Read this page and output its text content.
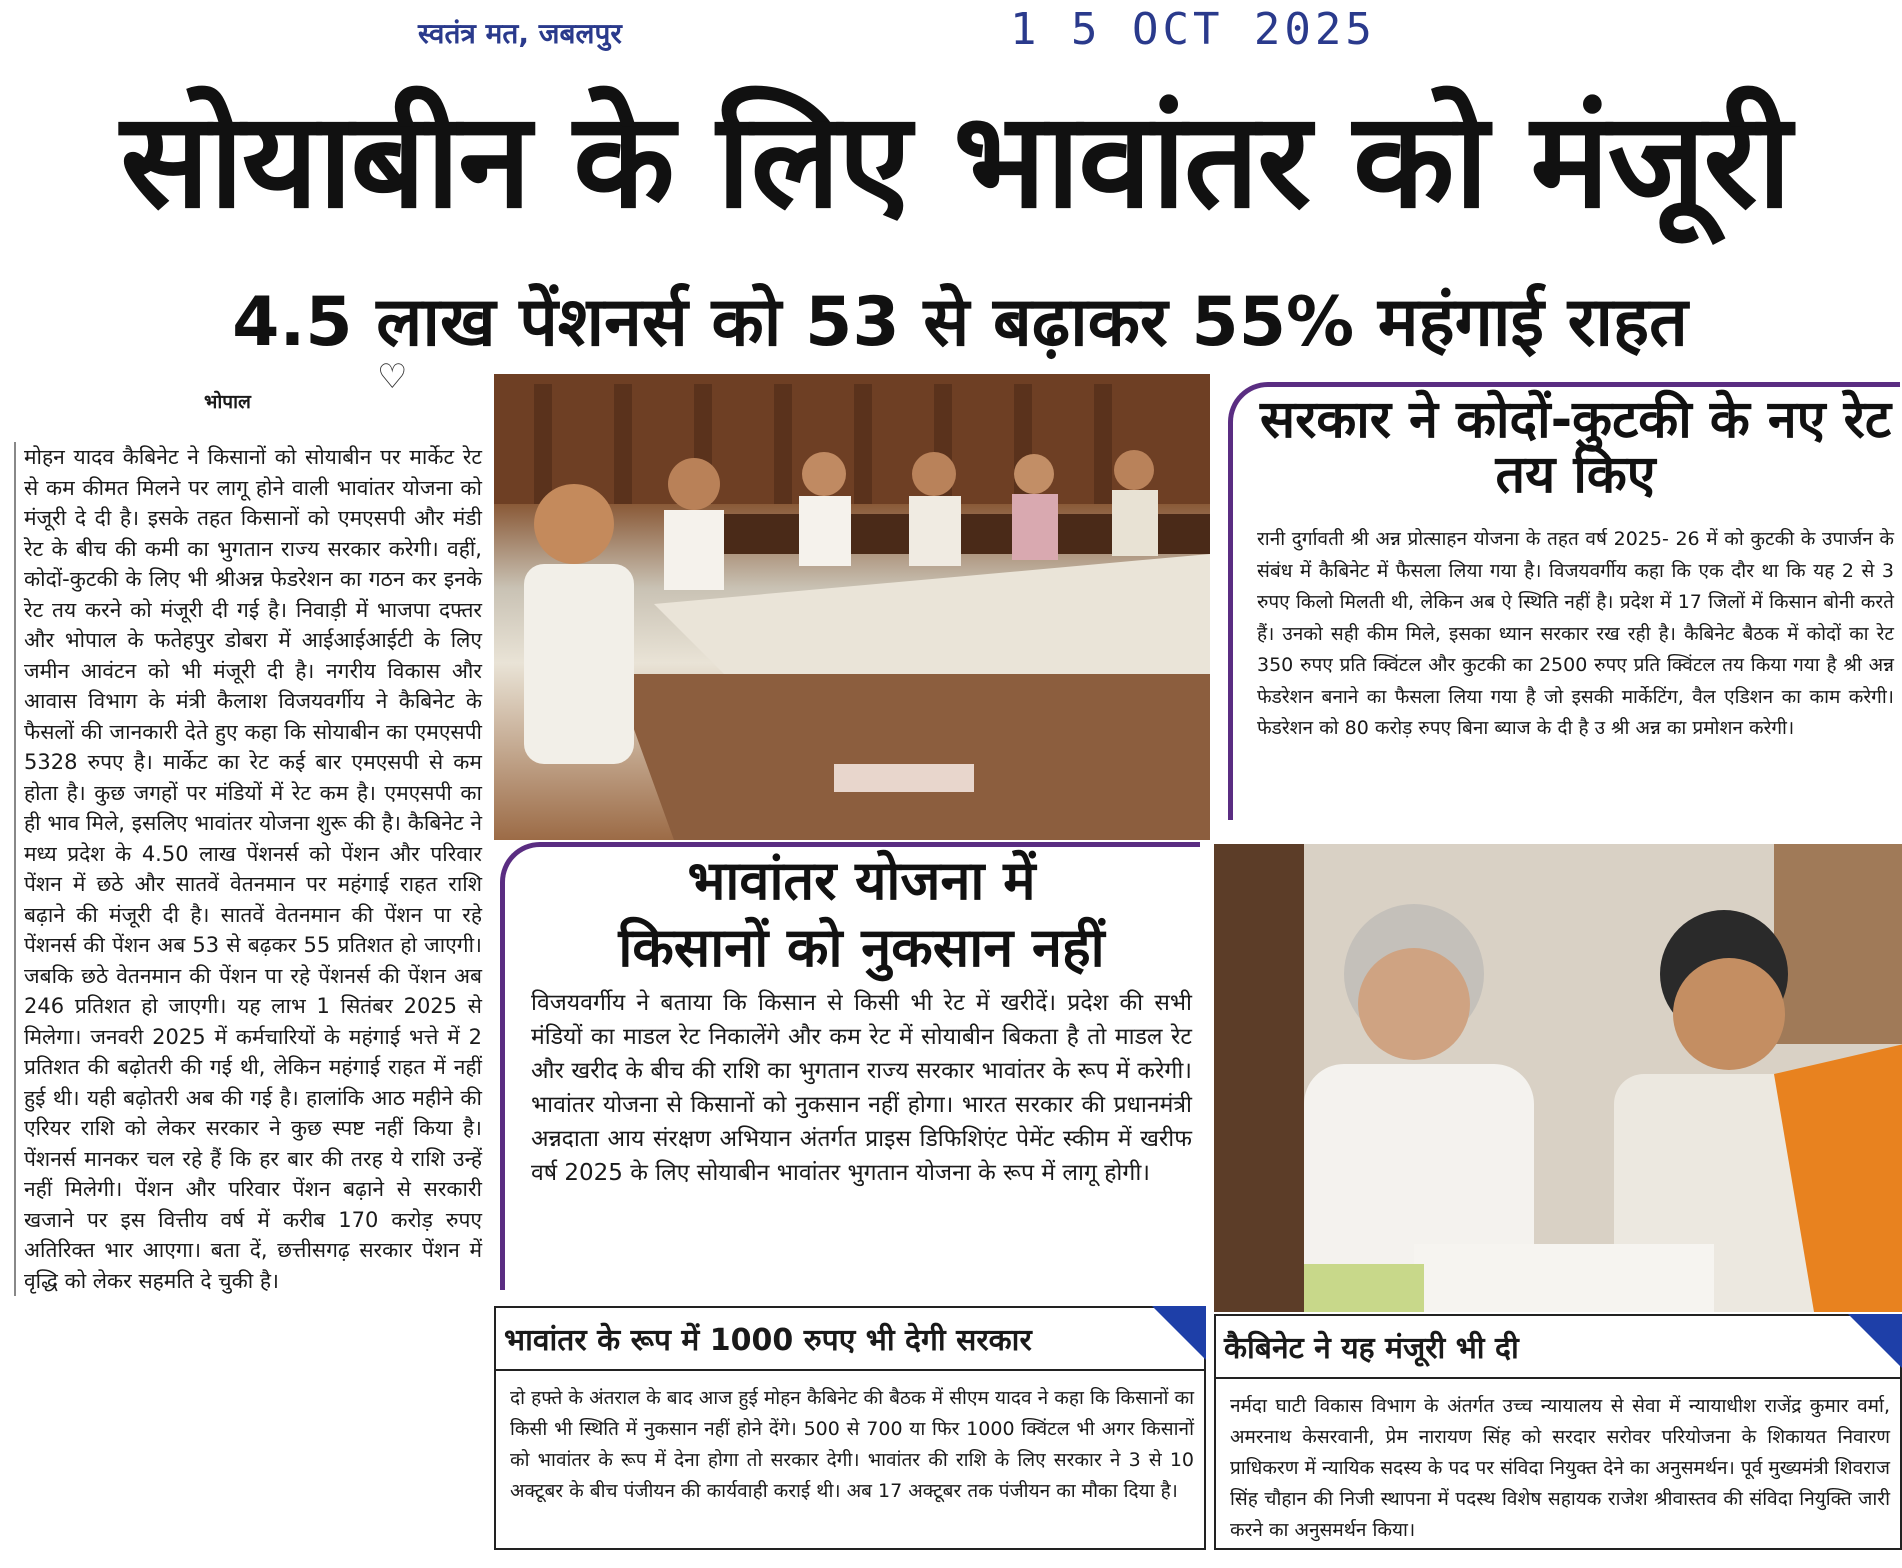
स्वतंत्र मत, जबलपुर	1 5 OCT 2025
सोयाबीन के लिए भावांतर को मंजूरी
4.5 लाख पेंशनर्स को 53 से बढ़ाकर 55% महंगाई राहत
♡
भोपाल

मोहन यादव कैबिनेट ने किसानों को सोयाबीन पर मार्केट रेट से कम कीमत मिलने पर लागू होने वाली भावांतर योजना को मंजूरी दे दी है। इसके तहत किसानों को एमएसपी और मंडी रेट के बीच की कमी का भुगतान राज्य सरकार करेगी। वहीं, कोदों-कुटकी के लिए भी श्रीअन्न फेडरेशन का गठन कर इनके रेट तय करने को मंजूरी दी गई है। निवाड़ी में भाजपा दफ्तर और भोपाल के फतेहपुर डोबरा में आईआईआईटी के लिए जमीन आवंटन को भी मंजूरी दी है। नगरीय विकास और आवास विभाग के मंत्री कैलाश विजयवर्गीय ने कैबिनेट के फैसलों की जानकारी देते हुए कहा कि सोयाबीन का एमएसपी 5328 रुपए है। मार्केट का रेट कई बार एमएसपी से कम होता है। कुछ जगहों पर मंडियों में रेट कम है। एमएसपी का ही भाव मिले, इसलिए भावांतर योजना शुरू की है। कैबिनेट ने मध्य प्रदेश के 4.50 लाख पेंशनर्स को पेंशन और परिवार पेंशन में छठे और सातवें वेतनमान पर महंगाई राहत राशि बढ़ाने की मंजूरी दी है। सातवें वेतनमान की पेंशन पा रहे पेंशनर्स की पेंशन अब 53 से बढ़कर 55 प्रतिशत हो जाएगी। जबकि छठे वेतनमान की पेंशन पा रहे पेंशनर्स की पेंशन अब 246 प्रतिशत हो जाएगी। यह लाभ 1 सितंबर 2025 से मिलेगा। जनवरी 2025 में कर्मचारियों के महंगाई भत्ते में 2 प्रतिशत की बढ़ोतरी की गई थी, लेकिन महंगाई राहत में नहीं हुई थी। यही बढ़ोतरी अब की गई है। हालांकि आठ महीने की एरियर राशि को लेकर सरकार ने कुछ स्पष्ट नहीं किया है। पेंशनर्स मानकर चल रहे हैं कि हर बार की तरह ये राशि उन्हें नहीं मिलेगी। पेंशन और परिवार पेंशन बढ़ाने से सरकारी खजाने पर इस वित्तीय वर्ष में करीब 170 करोड़ रुपए अतिरिक्त भार आएगा। बता दें, छत्तीसगढ़ सरकार पेंशन में वृद्धि को लेकर सहमति दे चुकी है।

सरकार ने कोदों-कुटकी के नए रेट तय किए

रानी दुर्गावती श्री अन्न प्रोत्साहन योजना के तहत वर्ष 2025- 26 में को कुटकी के उपार्जन के संबंध में कैबिनेट में फैसला लिया गया है। विजयवर्गीय कहा कि एक दौर था कि यह 2 से 3 रुपए किलो मिलती थी, लेकिन अब ऐ स्थिति नहीं है। प्रदेश में 17 जिलों में किसान बोनी करते हैं। उनको सही कीम मिले, इसका ध्यान सरकार रख रही है। कैबिनेट बैठक में कोदों का रेट 350 रुपए प्रति क्विंटल और कुटकी का 2500 रुपए प्रति क्विंटल तय किया गया है श्री अन्न फेडरेशन बनाने का फैसला लिया गया है जो इसकी मार्केटिंग, वैल एडिशन का काम करेगी। फेडरेशन को 80 करोड़ रुपए बिना ब्याज के दी है उ श्री अन्न का प्रमोशन करेगी।

भावांतर योजना में
किसानों को नुकसान नहीं

विजयवर्गीय ने बताया कि किसान से किसी भी रेट में खरीदें। प्रदेश की सभी मंडियों का माडल रेट निकालेंगे और कम रेट में सोयाबीन बिकता है तो माडल रेट और खरीद के बीच की राशि का भुगतान राज्य सरकार भावांतर के रूप में करेगी। भावांतर योजना से किसानों को नुकसान नहीं होगा। भारत सरकार की प्रधानमंत्री अन्नदाता आय संरक्षण अभियान अंतर्गत प्राइस डिफिशिएंट पेमेंट स्कीम में खरीफ वर्ष 2025 के लिए सोयाबीन भावांतर भुगतान योजना के रूप में लागू होगी।

भावांतर के रूप में 1000 रुपए भी देगी सरकार

दो हफ्ते के अंतराल के बाद आज हुई मोहन कैबिनेट की बैठक में सीएम यादव ने कहा कि किसानों का किसी भी स्थिति में नुकसान नहीं होने देंगे। 500 से 700 या फिर 1000 क्विंटल भी अगर किसानों को भावांतर के रूप में देना होगा तो सरकार देगी। भावांतर की राशि के लिए सरकार ने 3 से 10 अक्टूबर के बीच पंजीयन की कार्यवाही कराई थी। अब 17 अक्टूबर तक पंजीयन का मौका दिया है।

कैबिनेट ने यह मंजूरी भी दी

नर्मदा घाटी विकास विभाग के अंतर्गत उच्च न्यायालय से सेवा में न्यायाधीश राजेंद्र कुमार वर्मा, अमरनाथ केसरवानी, प्रेम नारायण सिंह को सरदार सरोवर परियोजना के शिकायत निवारण प्राधिकरण में न्यायिक सदस्य के पद पर संविदा नियुक्त देने का अनुसमर्थन। पूर्व मुख्यमंत्री शिवराज सिंह चौहान की निजी स्थापना में पदस्थ विशेष सहायक राजेश श्रीवास्तव की संविदा नियुक्ति जारी करने का अनुसमर्थन किया।
